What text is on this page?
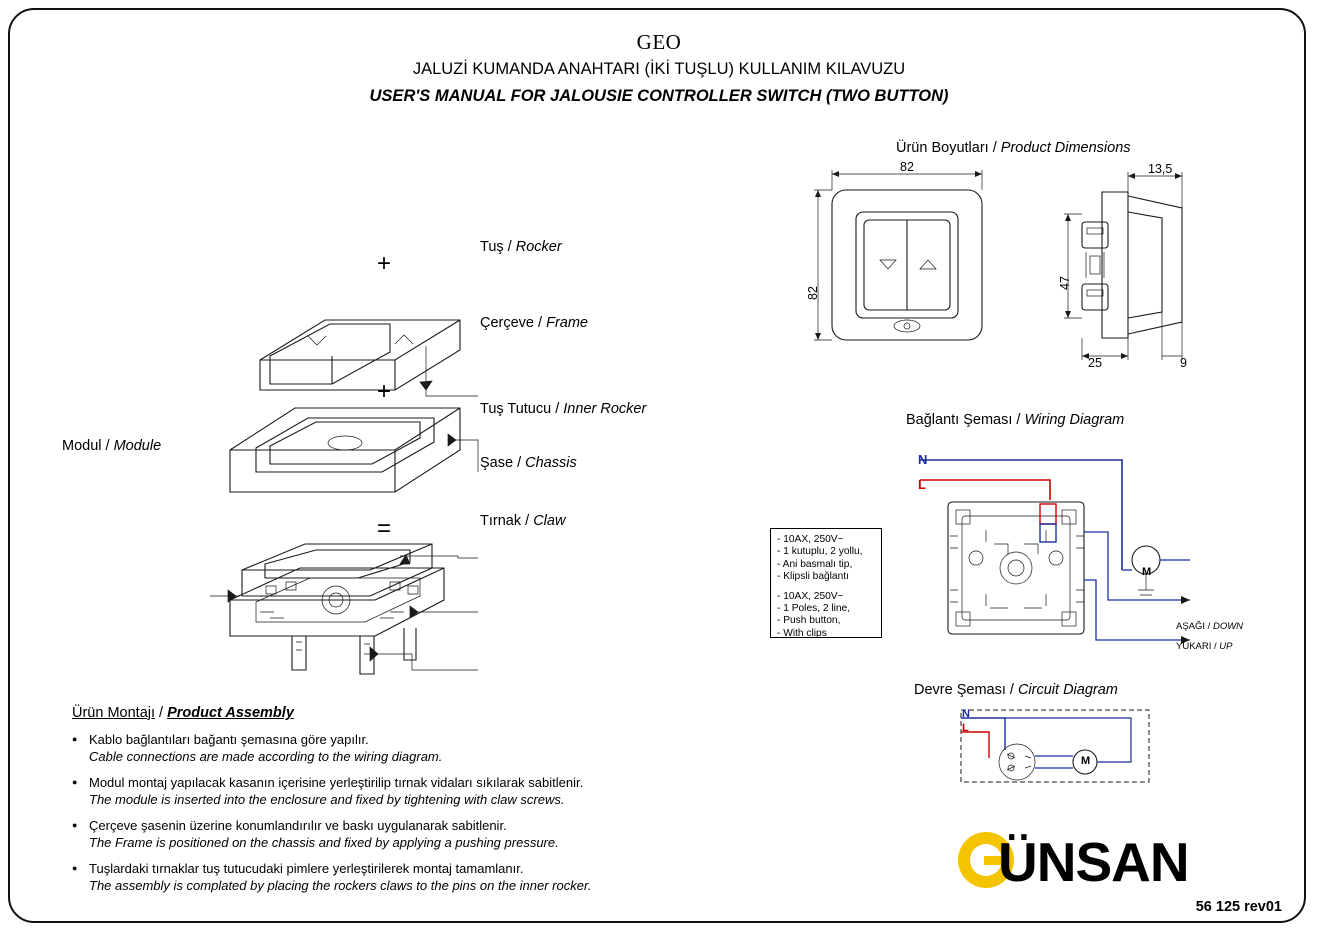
GEO
JALUZİ KUMANDA ANAHTARI (İKİ TUŞLU) KULLANIM KILAVUZU
USER'S MANUAL FOR JALOUSIE CONTROLLER SWITCH (TWO BUTTON)
+
+
=
Tuş / Rocker
Çerçeve / Frame
Tuş Tutucu / Inner Rocker
Şase / Chassis
Tırnak / Claw
Modul / Module
Ürün Boyutları / Product Dimensions
82
82
13,5
47
25	9
Bağlantı Şeması / Wiring Diagram
N
L
AŞAĞI / DOWN
YUKARI / UP
M
- 10AX, 250V~
- 1 kutuplu, 2 yollu,
- Ani basmalı tip,
- Klipsli bağlantı
- 10AX, 250V~
- 1 Poles, 2 line,
- Push button,
- With clips
Devre Şeması / Circuit Diagram
N
L
M
Ürün Montajı / Product Assembly
● Kablo bağlantıları bağantı şemasına göre yapılır.
Cable connections are made according to the wiring diagram.
● Modul montaj yapılacak kasanın içerisine yerleştirilip tırnak vidaları sıkılarak sabitlenir.
The module is inserted into the enclosure and fixed by tightening with claw screws.
● Çerçeve şasenin üzerine konumlandırılır ve baskı uygulanarak sabitlenir.
The Frame is positioned on the chassis and fixed by applying a pushing pressure.
● Tuşlardaki tırnaklar tuş tutucudaki pimlere yerleştirilerek montaj tamamlanır.
The assembly is complated by placing the rockers claws to the pins on the inner rocker.	ÜNSAN
56 125 rev01
